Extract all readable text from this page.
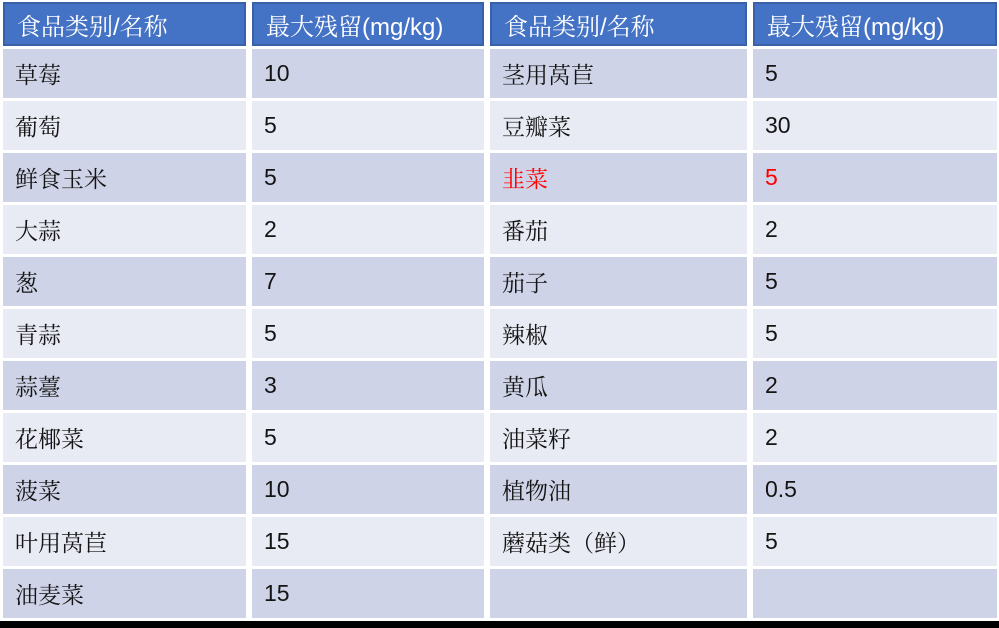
食品类别/名称	最大残留(mg/kg)	食品类别/名称	最大残留(mg/kg)
草莓	10	茎用莴苣	5
葡萄	5	豆瓣菜	30
鲜食玉米	5	韭菜	5
大蒜	2	番茄	2
葱	7	茄子	5
青蒜	5	辣椒	5
蒜薹	3	黄瓜	2
花椰菜	5	油菜籽	2
菠菜	10	植物油	0.5
叶用莴苣	15	蘑菇类（鲜）	5
油麦菜	15
